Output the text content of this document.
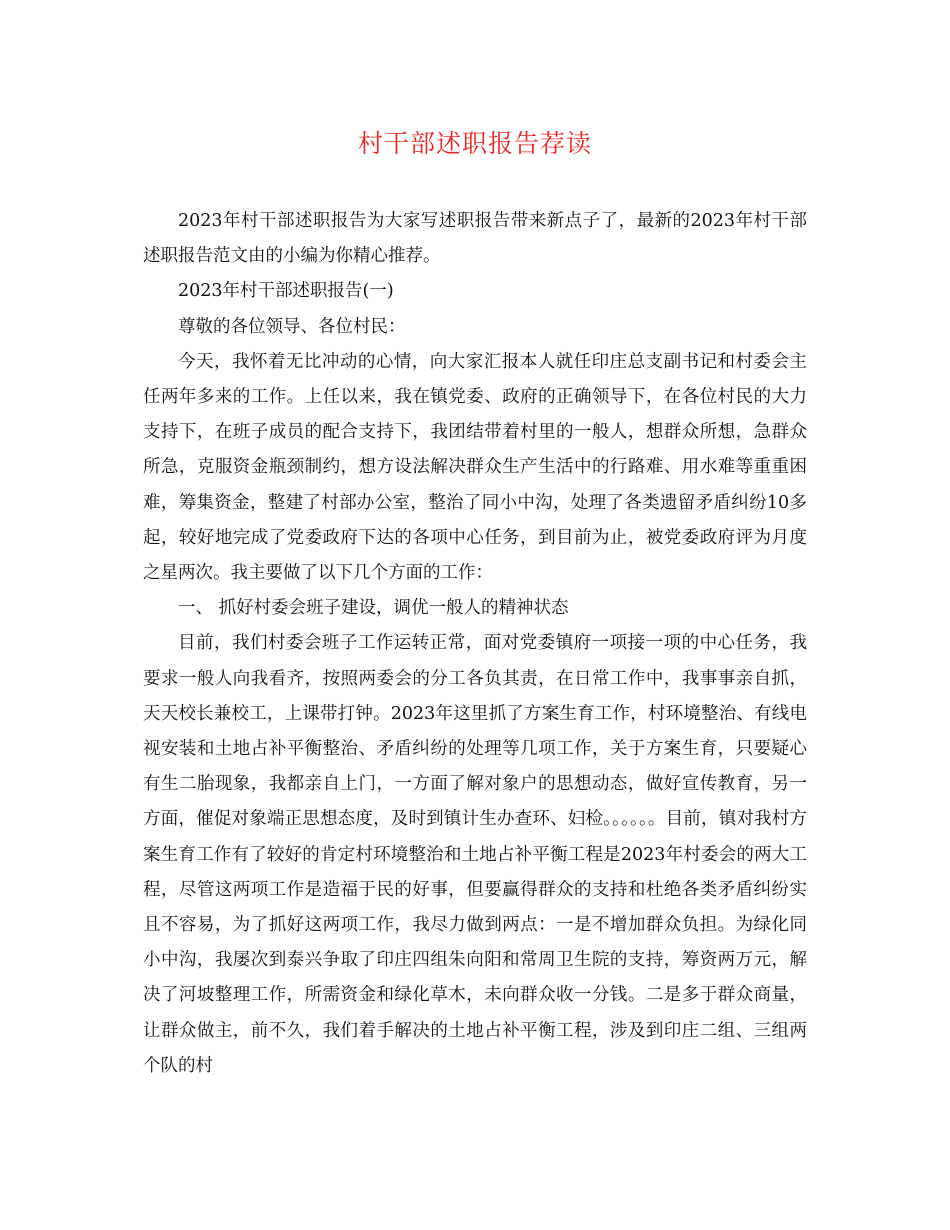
村干部述职报告荐读

2023年村干部述职报告为大家写述职报告带来新点子了，最新的2023年村干部述职报告范文由的小编为你精心推荐。

2023年村干部述职报告(一)

尊敬的各位领导、各位村民：

今天，我怀着无比冲动的心情，向大家汇报本人就任印庄总支副书记和村委会主任两年多来的工作。上任以来，我在镇党委、政府的正确领导下，在各位村民的大力支持下，在班子成员的配合支持下，我团结带着村里的一般人，想群众所想，急群众所急，克服资金瓶颈制约，想方设法解决群众生产生活中的行路难、用水难等重重困难，筹集资金，整建了村部办公室，整治了同小中沟，处理了各类遗留矛盾纠纷10多起，较好地完成了党委政府下达的各项中心任务，到目前为止，被党委政府评为月度之星两次。我主要做了以下几个方面的工作：

一、 抓好村委会班子建设，调优一般人的精神状态

目前，我们村委会班子工作运转正常，面对党委镇府一项接一项的中心任务，我要求一般人向我看齐，按照两委会的分工各负其责，在日常工作中，我事事亲自抓，天天校长兼校工，上课带打钟。2023年这里抓了方案生育工作，村环境整治、有线电视安装和土地占补平衡整治、矛盾纠纷的处理等几项工作，关于方案生育，只要疑心有生二胎现象，我都亲自上门，一方面了解对象户的思想动态，做好宣传教育，另一方面，催促对象端正思想态度，及时到镇计生办查环、妇检。。。。。。目前，镇对我村方案生育工作有了较好的肯定村环境整治和土地占补平衡工程是2023年村委会的两大工程，尽管这两项工作是造福于民的好事，但要赢得群众的支持和杜绝各类矛盾纠纷实且不容易，为了抓好这两项工作，我尽力做到两点：一是不增加群众负担。为绿化同小中沟，我屡次到泰兴争取了印庄四组朱向阳和常周卫生院的支持，筹资两万元，解决了河坡整理工作，所需资金和绿化草木，未向群众收一分钱。二是多于群众商量，让群众做主，前不久，我们着手解决的土地占补平衡工程，涉及到印庄二组、三组两个队的村
